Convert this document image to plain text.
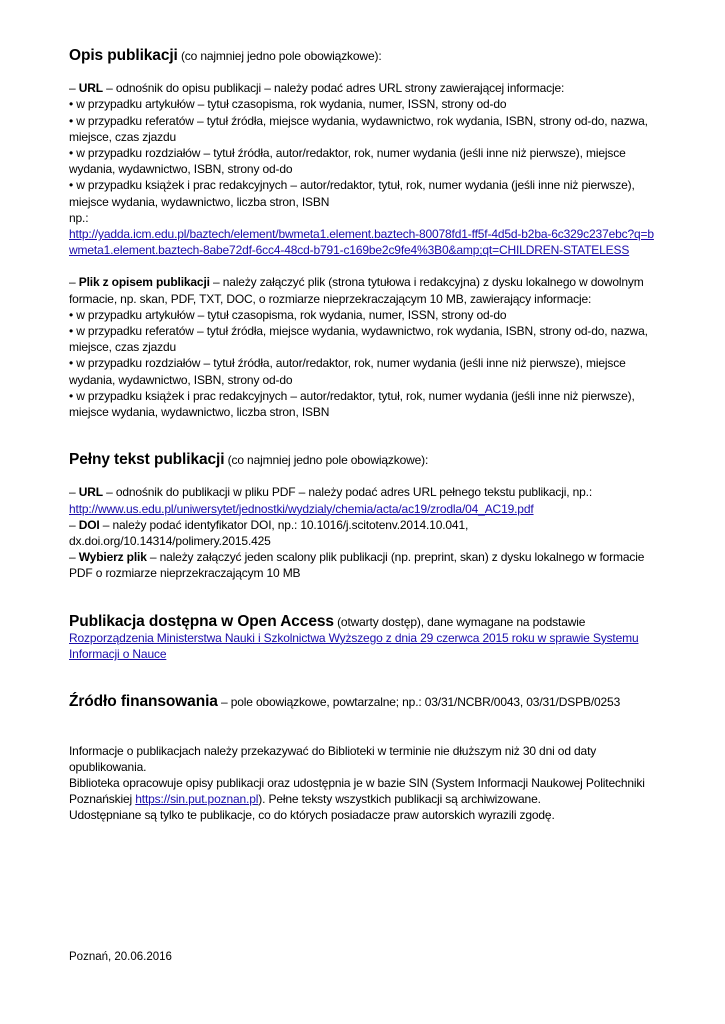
Opis publikacji (co najmniej jedno pole obowiązkowe):
– URL – odnośnik do opisu publikacji – należy podać adres URL strony zawierającej informacje:
• w przypadku artykułów – tytuł czasopisma, rok wydania, numer, ISSN, strony od-do
• w przypadku referatów – tytuł źródła, miejsce wydania, wydawnictwo, rok wydania, ISBN, strony od-do, nazwa, miejsce, czas zjazdu
• w przypadku rozdziałów – tytuł źródła, autor/redaktor, rok, numer wydania (jeśli inne niż pierwsze), miejsce wydania, wydawnictwo, ISBN, strony od-do
• w przypadku książek i prac redakcyjnych – autor/redaktor, tytuł, rok, numer wydania (jeśli inne niż pierwsze), miejsce wydania, wydawnictwo, liczba stron, ISBN
np.:
http://yadda.icm.edu.pl/baztech/element/bwmeta1.element.baztech-80078fd1-ff5f-4d5d-b2ba-6c329c237ebc?q=bwmeta1.element.baztech-8abe72df-6cc4-48cd-b791-c169be2c9fe4%3B0&amp;qt=CHILDREN-STATELESS
– Plik z opisem publikacji – należy załączyć plik (strona tytułowa i redakcyjna) z dysku lokalnego w dowolnym formacie, np. skan, PDF, TXT, DOC, o rozmiarze nieprzekraczającym 10 MB, zawierający informacje:
• w przypadku artykułów – tytuł czasopisma, rok wydania, numer, ISSN, strony od-do
• w przypadku referatów – tytuł źródła, miejsce wydania, wydawnictwo, rok wydania, ISBN, strony od-do, nazwa, miejsce, czas zjazdu
• w przypadku rozdziałów – tytuł źródła, autor/redaktor, rok, numer wydania (jeśli inne niż pierwsze), miejsce wydania, wydawnictwo, ISBN, strony od-do
• w przypadku książek i prac redakcyjnych – autor/redaktor, tytuł, rok, numer wydania (jeśli inne niż pierwsze), miejsce wydania, wydawnictwo, liczba stron, ISBN
Pełny tekst publikacji (co najmniej jedno pole obowiązkowe):
– URL – odnośnik do publikacji w pliku PDF – należy podać adres URL pełnego tekstu publikacji, np.:
http://www.us.edu.pl/uniwersytet/jednostki/wydzialy/chemia/acta/ac19/zrodla/04_AC19.pdf
– DOI – należy podać identyfikator DOI, np.: 10.1016/j.scitotenv.2014.10.041, dx.doi.org/10.14314/polimery.2015.425
– Wybierz plik – należy załączyć jeden scalony plik publikacji (np. preprint, skan) z dysku lokalnego w formacie PDF o rozmiarze nieprzekraczającym 10 MB
Publikacja dostępna w Open Access (otwarty dostęp), dane wymagane na podstawie
Rozporządzenia Ministerstwa Nauki i Szkolnictwa Wyższego z dnia 29 czerwca 2015 roku w sprawie Systemu Informacji o Nauce
Źródło finansowania – pole obowiązkowe, powtarzalne; np.: 03/31/NCBR/0043, 03/31/DSPB/0253
Informacje o publikacjach należy przekazywać do Biblioteki w terminie nie dłuższym niż 30 dni od daty opublikowania.
Biblioteka opracowuje opisy publikacji oraz udostępnia je w bazie SIN (System Informacji Naukowej Politechniki Poznańskiej https://sin.put.poznan.pl). Pełne teksty wszystkich publikacji są archiwizowane.
Udostępniane są tylko te publikacje, co do których posiadacze praw autorskich wyrazili zgodę.
Poznań, 20.06.2016
